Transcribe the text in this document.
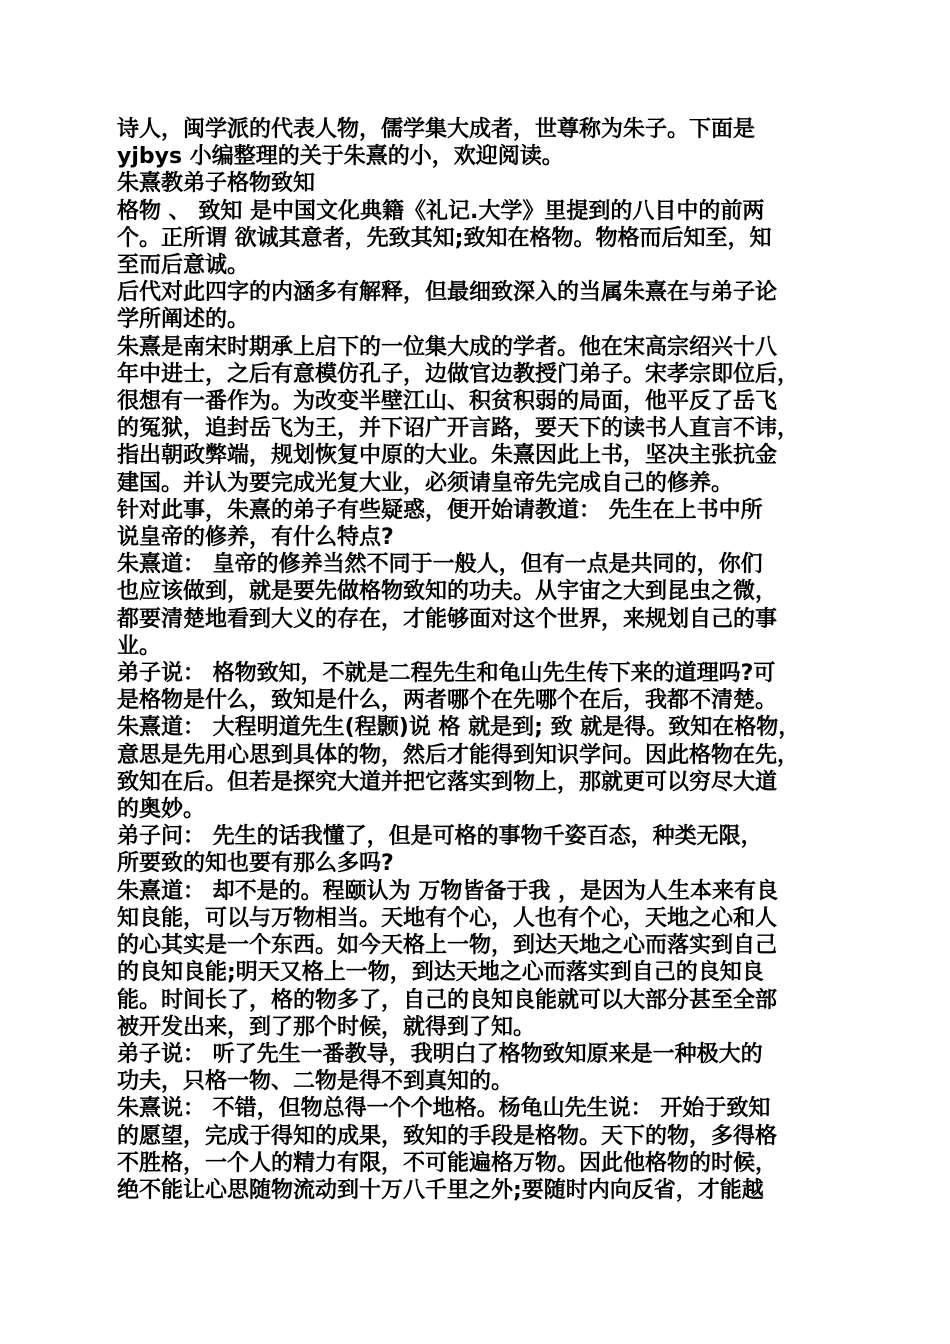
诗人，闽学派的代表人物，儒学集大成者，世尊称为朱子。下面是
yjbys 小编整理的关于朱熹的小，欢迎阅读。

朱熹教弟子格物致知

格物 、 致知 是中国文化典籍《礼记.大学》里提到的八目中的前两
个。正所谓 欲诚其意者，先致其知;致知在格物。物格而后知至，知
至而后意诚。

后代对此四字的内涵多有解释，但最细致深入的当属朱熹在与弟子论
学所阐述的。

朱熹是南宋时期承上启下的一位集大成的学者。他在宋高宗绍兴十八
年中进士，之后有意模仿孔子，边做官边教授门弟子。宋孝宗即位后，
很想有一番作为。为改变半壁江山、积贫积弱的局面，他平反了岳飞
的冤狱，追封岳飞为王，并下诏广开言路，要天下的读书人直言不讳，
指出朝政弊端，规划恢复中原的大业。朱熹因此上书，坚决主张抗金
建国。并认为要完成光复大业，必须请皇帝先完成自己的修养。

针对此事，朱熹的弟子有些疑惑，便开始请教道： 先生在上书中所
说皇帝的修养，有什么特点?

朱熹道： 皇帝的修养当然不同于一般人，但有一点是共同的，你们
也应该做到，就是要先做格物致知的功夫。从宇宙之大到昆虫之微，
都要清楚地看到大义的存在，才能够面对这个世界，来规划自己的事
业。

弟子说： 格物致知，不就是二程先生和龟山先生传下来的道理吗?可
是格物是什么，致知是什么，两者哪个在先哪个在后，我都不清楚。

朱熹道： 大程明道先生(程颢)说 格 就是到; 致 就是得。致知在格物，
意思是先用心思到具体的物，然后才能得到知识学问。因此格物在先，
致知在后。但若是探究大道并把它落实到物上，那就更可以穷尽大道
的奥妙。

弟子问： 先生的话我懂了，但是可格的事物千姿百态，种类无限，
所要致的知也要有那么多吗?

朱熹道： 却不是的。程颐认为 万物皆备于我 ，是因为人生本来有良
知良能，可以与万物相当。天地有个心，人也有个心，天地之心和人
的心其实是一个东西。如今天格上一物，到达天地之心而落实到自己
的良知良能;明天又格上一物，到达天地之心而落实到自己的良知良
能。时间长了，格的物多了，自己的良知良能就可以大部分甚至全部
被开发出来，到了那个时候，就得到了知。

弟子说： 听了先生一番教导，我明白了格物致知原来是一种极大的
功夫，只格一物、二物是得不到真知的。

朱熹说： 不错，但物总得一个个地格。杨龟山先生说： 开始于致知
的愿望，完成于得知的成果，致知的手段是格物。天下的物，多得格
不胜格，一个人的精力有限，不可能遍格万物。因此他格物的时候，
绝不能让心思随物流动到十万八千里之外;要随时内向反省，才能越
